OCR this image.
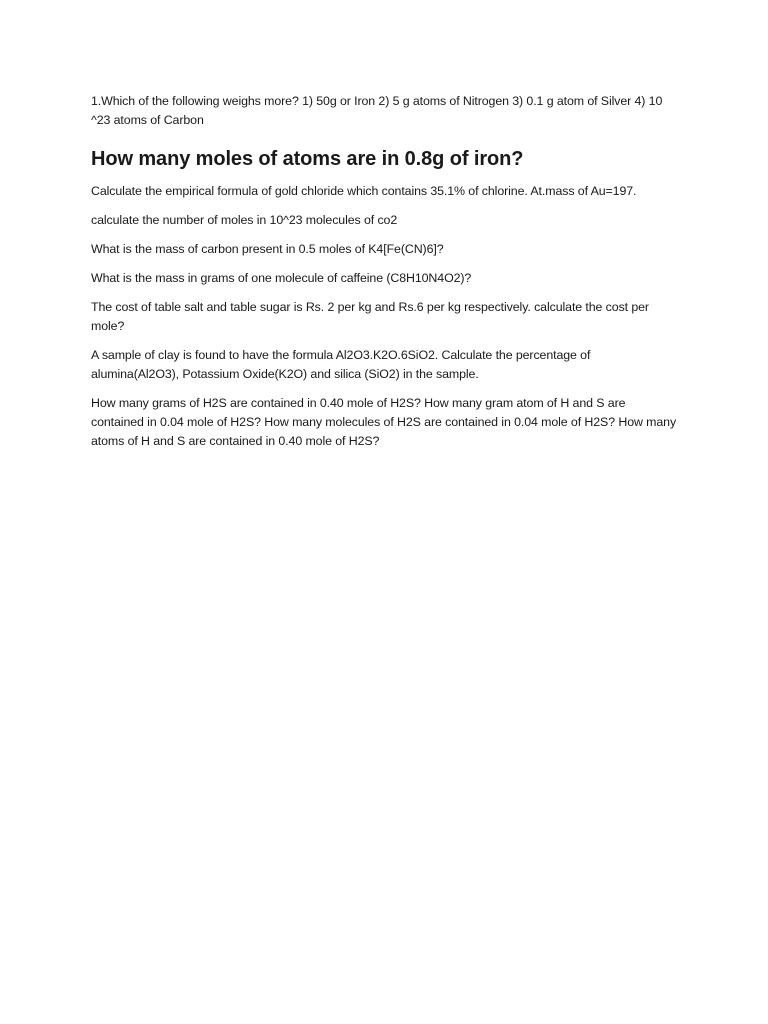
1.Which of the following weighs more? 1) 50g or Iron 2) 5 g atoms of Nitrogen 3) 0.1 g atom of Silver 4) 10 ^23 atoms of Carbon

How many moles of atoms are in 0.8g of iron?

Calculate the empirical formula of gold chloride which contains 35.1% of chlorine. At.mass of Au=197.

calculate the number of moles in 10^23 molecules of co2

What is the mass of carbon present in 0.5 moles of K4[Fe(CN)6]?

What is the mass in grams of one molecule of caffeine (C8H10N4O2)?

The cost of table salt and table sugar is Rs. 2 per kg and Rs.6 per kg respectively. calculate the cost per mole?

A sample of clay is found to have the formula Al2O3.K2O.6SiO2. Calculate the percentage of alumina(Al2O3), Potassium Oxide(K2O) and silica (SiO2) in the sample.

How many grams of H2S are contained in 0.40 mole of H2S? How many gram atom of H and S are contained in 0.04 mole of H2S? How many molecules of H2S are contained in 0.04 mole of H2S? How many atoms of H and S are contained in 0.40 mole of H2S?
